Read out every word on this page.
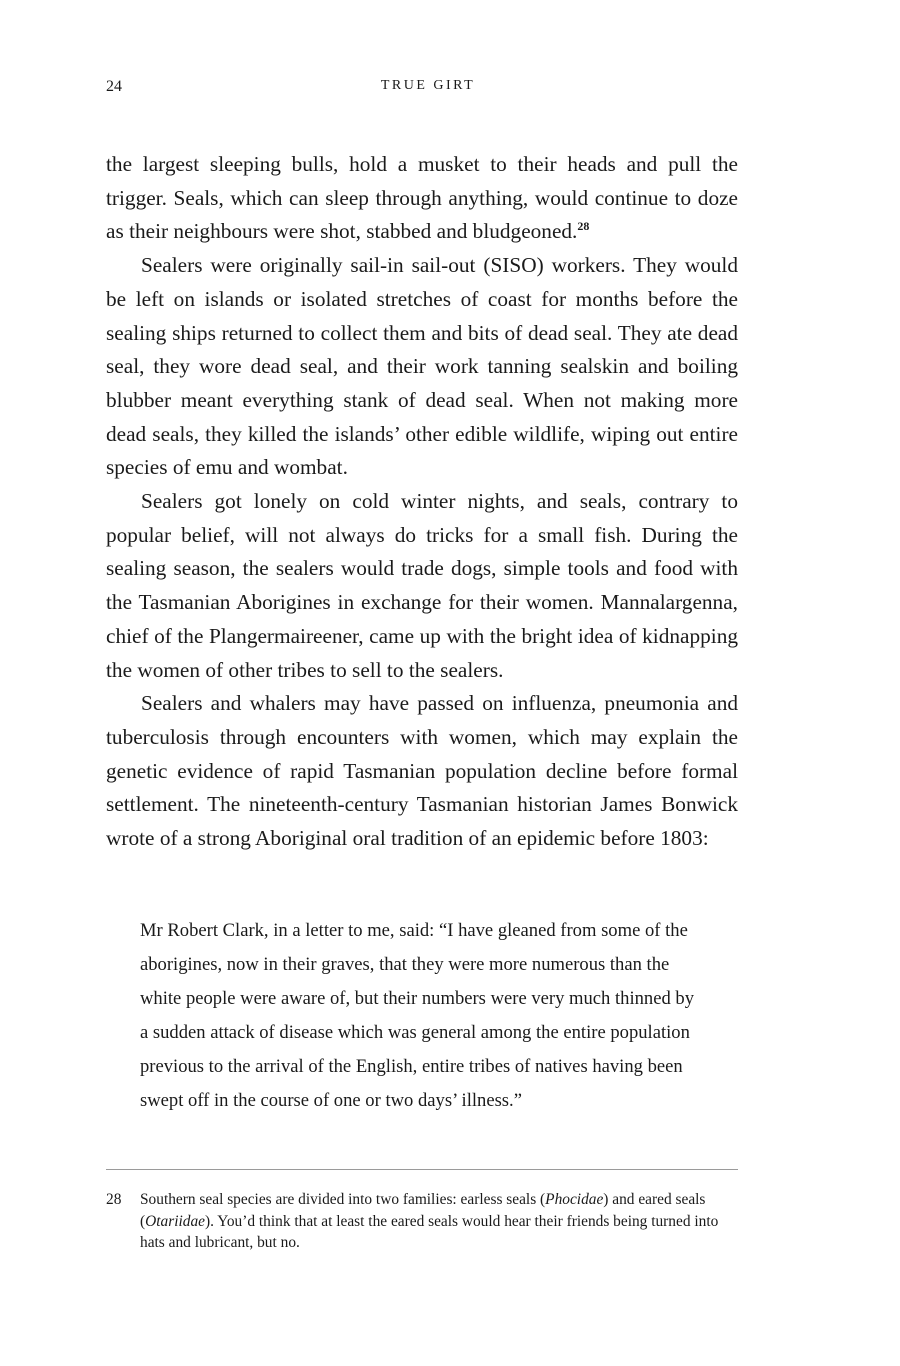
24	TRUE GIRT

the largest sleeping bulls, hold a musket to their heads and pull the trigger. Seals, which can sleep through anything, would continue to doze as their neighbours were shot, stabbed and bludgeoned.$^{28}$

Sealers were originally sail-in sail-out (SISO) workers. They would be left on islands or isolated stretches of coast for months before the sealing ships returned to collect them and bits of dead seal. They ate dead seal, they wore dead seal, and their work tanning sealskin and boiling blubber meant everything stank of dead seal. When not making more dead seals, they killed the islands’ other edible wildlife, wiping out entire species of emu and wombat.

Sealers got lonely on cold winter nights, and seals, contrary to popular belief, will not always do tricks for a small fish. During the sealing season, the sealers would trade dogs, simple tools and food with the Tasmanian Aborigines in exchange for their women. Mannalargenna, chief of the Plangermaireener, came up with the bright idea of kidnapping the women of other tribes to sell to the sealers.

Sealers and whalers may have passed on influenza, pneumonia and tuberculosis through encounters with women, which may explain the genetic evidence of rapid Tasmanian population decline before formal settlement. The nineteenth-century Tasmanian historian James Bonwick wrote of a strong Aboriginal oral tradition of an epidemic before 1803:

Mr Robert Clark, in a letter to me, said: “I have gleaned from some of the aborigines, now in their graves, that they were more numerous than the white people were aware of, but their numbers were very much thinned by a sudden attack of disease which was general among the entire population previous to the arrival of the English, entire tribes of natives having been swept off in the course of one or two days’ illness.”

28 Southern seal species are divided into two families: earless seals (Phocidae) and eared seals (Otariidae). You’d think that at least the eared seals would hear their friends being turned into hats and lubricant, but no.
